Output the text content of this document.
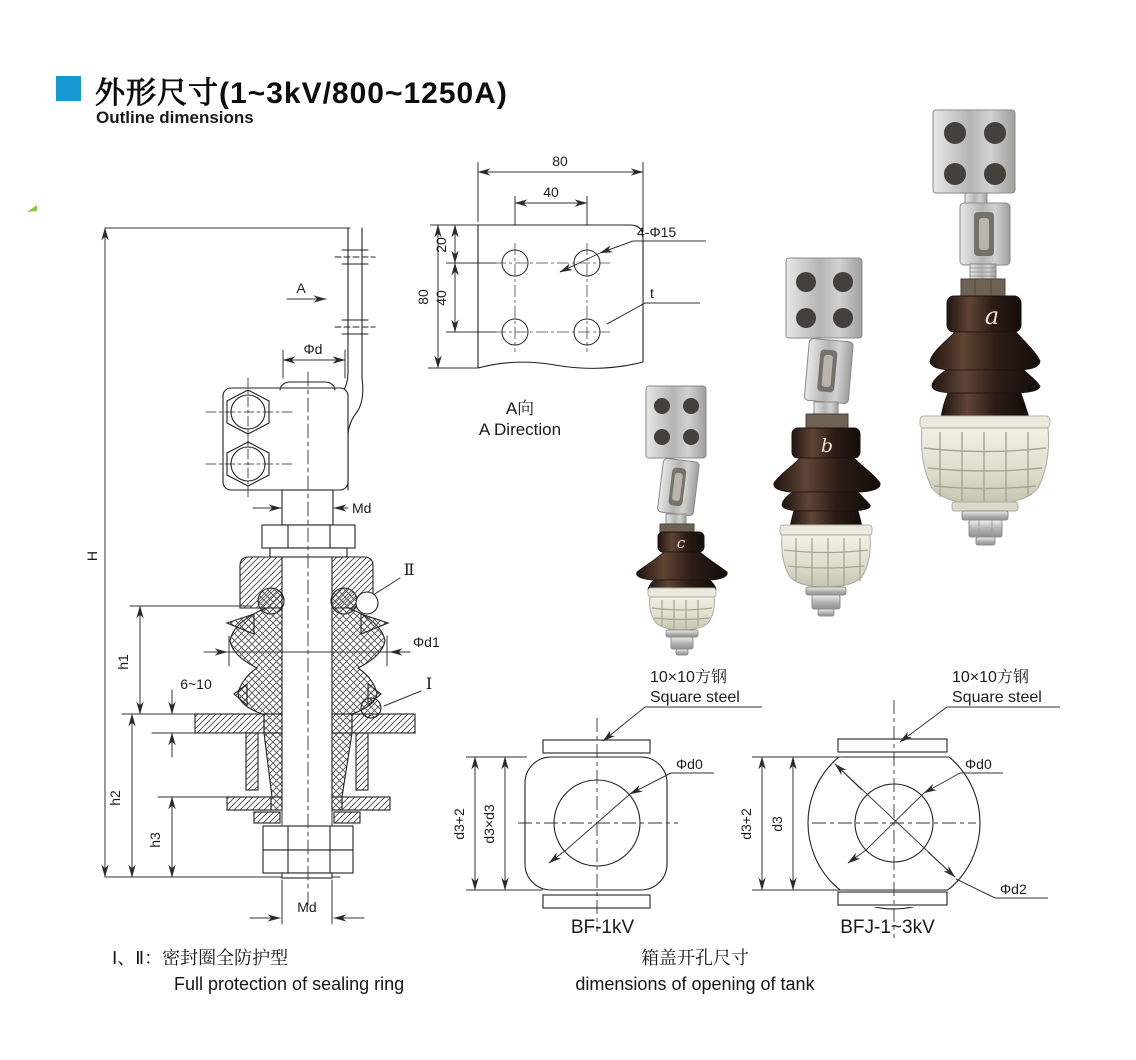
外形尺寸(1~3kV/800~1250A)
Outline dimensions
H
A
Φd
Md
Ⅱ
Φd1
Ⅰ
6~10
h1
h2
h3
Md
80
40
80
20
40
4-Φ15
t
d3+2 d3×d3
Φd0
10×10方钢
Square steel
d3+2 d3
Φd0
Φd2
10×10方钢
Square steel
a
b
c
A向
A Direction
BF-1kV	BFJ-1~3kV
Ⅰ、Ⅱ：密封圈全防护型
Full protection of sealing ring
箱盖开孔尺寸
dimensions of opening of tank
